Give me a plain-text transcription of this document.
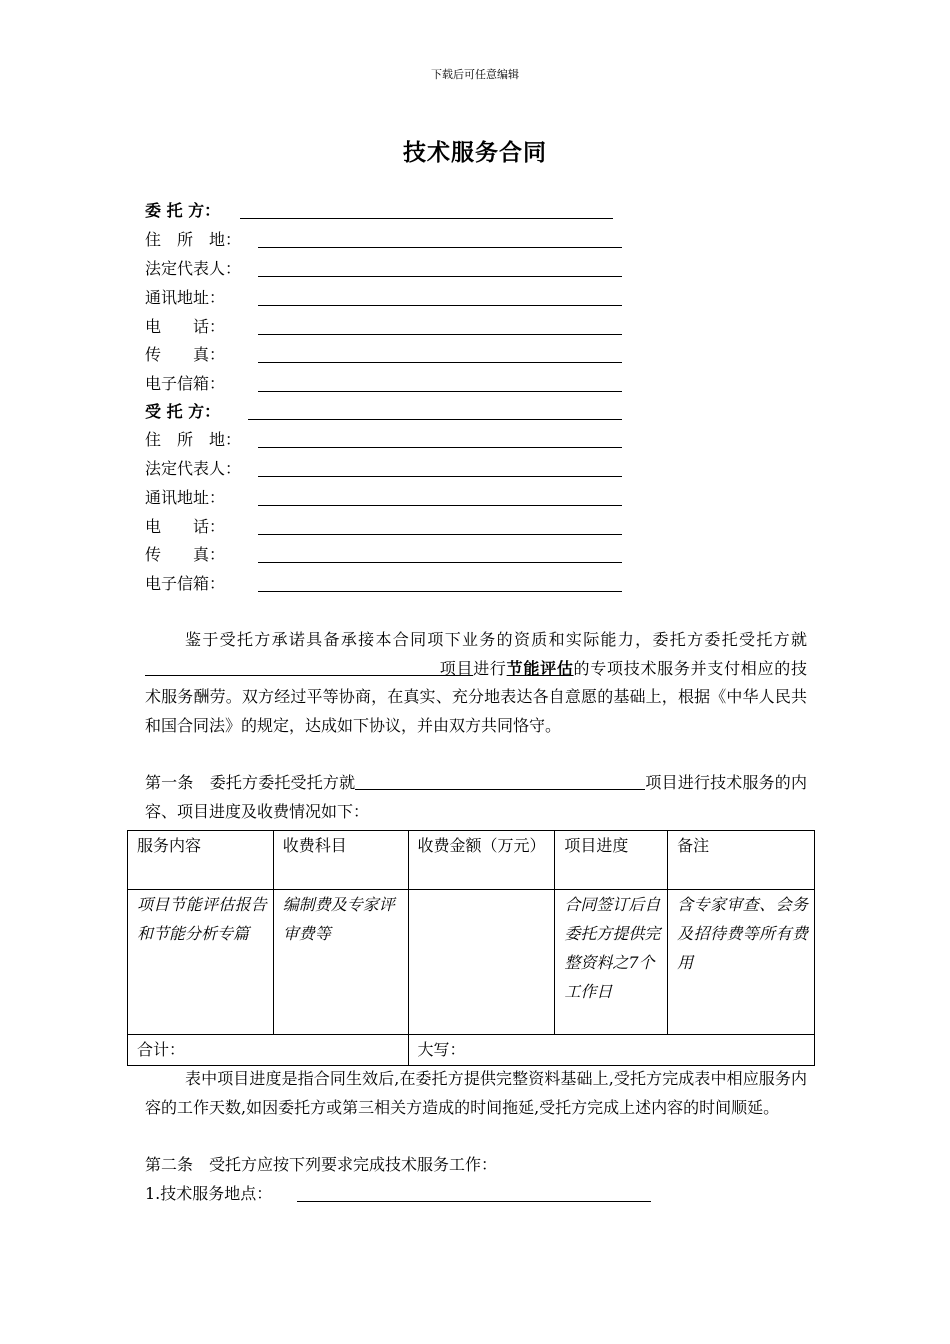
下载后可任意编辑
技术服务合同
委 托 方：
住　所　地：
法定代表人：
通讯地址：
电　　话：
传　　真：
电子信箱：
受 托 方：
住　所　地：
法定代表人：
通讯地址：
电　　话：
传　　真：
电子信箱：

鉴于受托方承诺具备承接本合同项下业务的资质和实际能力，委托方委托受托方就项目进行节能评估的专项技术服务并支付相应的技术服务酬劳。双方经过平等协商，在真实、充分地表达各自意愿的基础上，根据《中华人民共和国合同法》的规定，达成如下协议，并由双方共同恪守。

第一条　委托方委托受托方就	项目进行技术服务的内容、项目进度及收费情况如下：

服务内容	收费科目	收费金额（万元）	项目进度	备注
项目节能评估报告和节能分析专篇	编制费及专家评审费等		合同签订后自委托方提供完整资料之7个工作日	含专家审查、会务及招待费等所有费用
合计：		大写：		

表中项目进度是指合同生效后,在委托方提供完整资料基础上,受托方完成表中相应服务内容的工作天数,如因委托方或第三相关方造成的时间拖延,受托方完成上述内容的时间顺延。

第二条　受托方应按下列要求完成技术服务工作：

1.技术服务地点：
